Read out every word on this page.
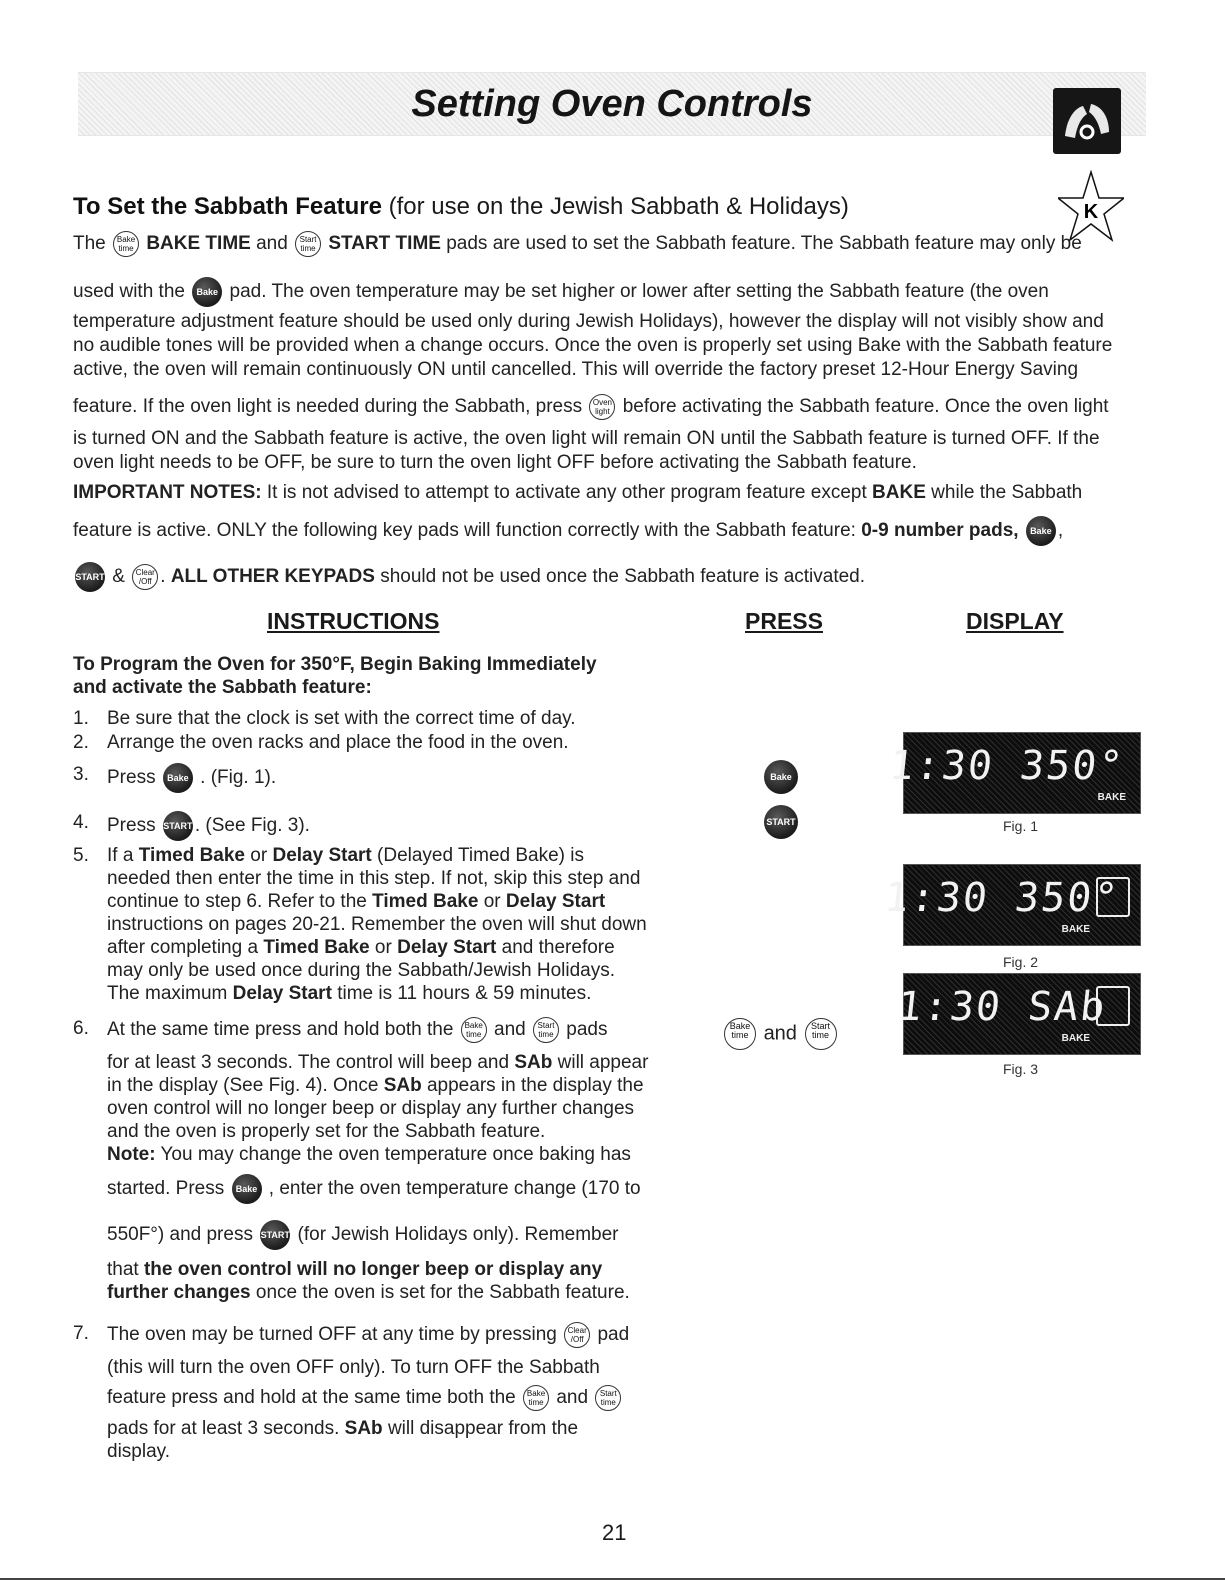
Setting Oven Controls
K
To Set the Sabbath Feature (for use on the Jewish Sabbath & Holidays)
The Bake
time BAKE TIME and Start
time START TIME pads are used to set the Sabbath feature. The Sabbath feature may only be
used with the Bake pad. The oven temperature may be set higher or lower after setting the Sabbath feature (the oven
temperature adjustment feature should be used only during Jewish Holidays), however the display will not visibly show and
no audible tones will be provided when a change occurs. Once the oven is properly set using Bake with the Sabbath feature
active, the oven will remain continuously ON until cancelled. This will override the factory preset 12-Hour Energy Saving
feature. If the oven light is needed during the Sabbath, press Oven
light before activating the Sabbath feature. Once the oven light
is turned ON and the Sabbath feature is active, the oven light will remain ON until the Sabbath feature is turned OFF. If the
oven light needs to be OFF, be sure to turn the oven light OFF before activating the Sabbath feature.
IMPORTANT NOTES: It is not advised to attempt to activate any other program feature except BAKE while the Sabbath
feature is active. ONLY the following key pads will function correctly with the Sabbath feature: 0-9 number pads, Bake ,
START & Clear
/Off . ALL OTHER KEYPADS should not be used once the Sabbath feature is activated.
INSTRUCTIONS	PRESS	DISPLAY
To Program the Oven for 350°F, Begin Baking Immediately
and activate the Sabbath feature:
1. Be sure that the clock is set with the correct time of day.
2. Arrange the oven racks and place the food in the oven.
3. Press Bake . (Fig. 1).
4. Press START . (See Fig. 3).
5. If a Timed Bake or Delay Start (Delayed Timed Bake) is
needed then enter the time in this step. If not, skip this step and
continue to step 6. Refer to the Timed Bake or Delay Start
instructions on pages 20-21. Remember the oven will shut down
after completing a Timed Bake or Delay Start and therefore
may only be used once during the Sabbath/Jewish Holidays.
The maximum Delay Start time is 11 hours & 59 minutes.
6. At the same time press and hold both the Bake
time and Start
time pads
for at least 3 seconds. The control will beep and SAb will appear
in the display (See Fig. 4). Once SAb appears in the display the
oven control will no longer beep or display any further changes
and the oven is properly set for the Sabbath feature.
Note: You may change the oven temperature once baking has
started. Press Bake , enter the oven temperature change (170 to
550F°) and press START (for Jewish Holidays only). Remember
that the oven control will no longer beep or display any
further changes once the oven is set for the Sabbath feature.
7. The oven may be turned OFF at any time by pressing Clear
/Off pad
(this will turn the oven OFF only). To turn OFF the Sabbath
feature press and hold at the same time both the Bake
time and Start
time
pads for at least 3 seconds. SAb will disappear from the
display.
Bake
START
Bake
time and Start
time
1:30 350°
BAKE
Fig. 1
1:30 350°
BAKE
Fig. 2
1:30 SAb
BAKE
Fig. 3
21
